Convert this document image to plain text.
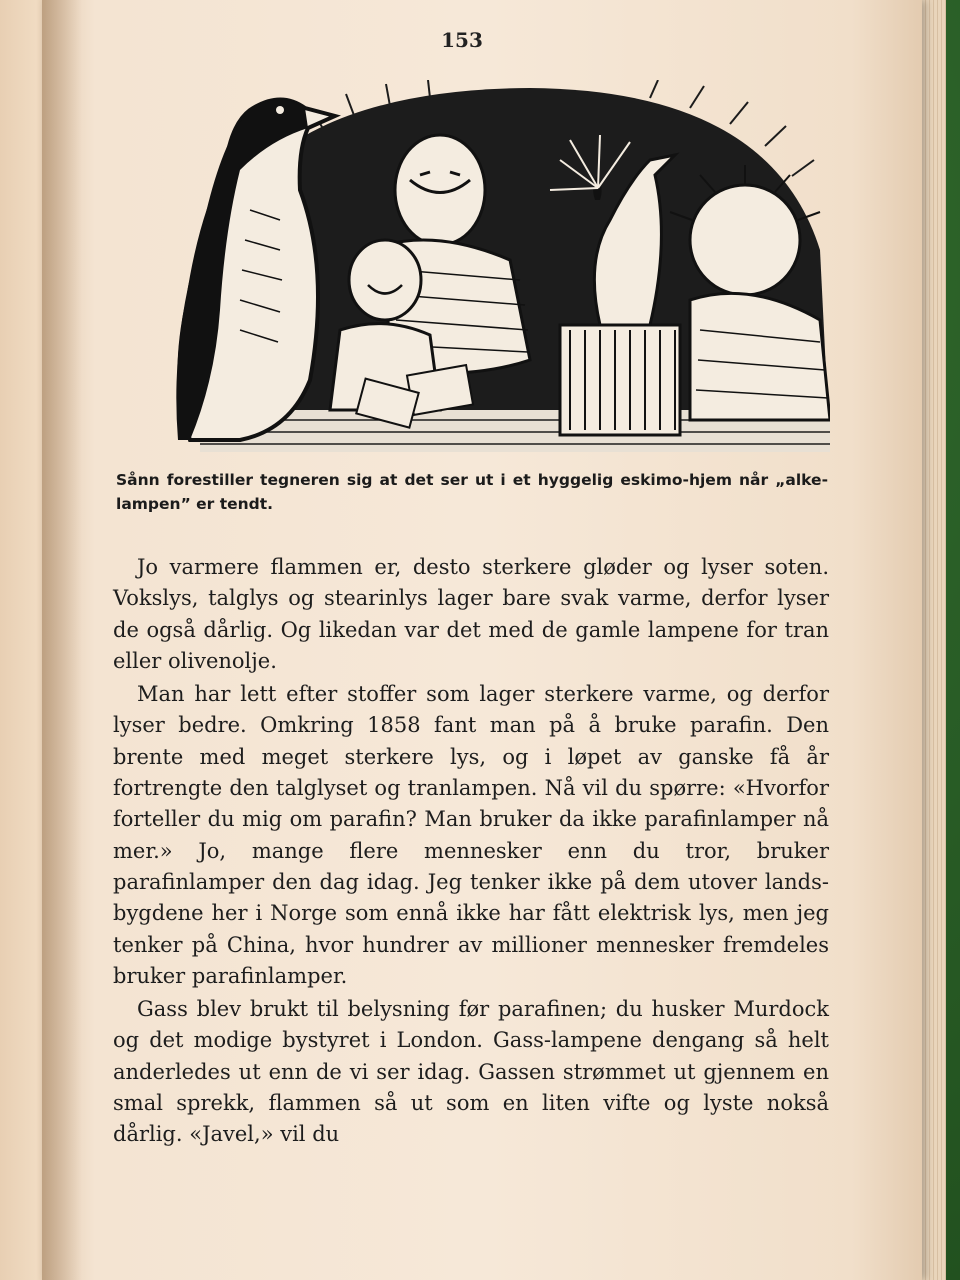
153
Sånn forestiller tegneren sig at det ser ut i et hyggelig eskimo-hjem når „alke-lampen” er tendt.

Jo varmere flammen er, desto sterkere gløder og lyser soten. Vokslys, talglys og stearinlys lager bare svak varme, derfor lyser de også dårlig. Og likedan var det med de gamle lampene for tran eller olivenolje.

Man har lett efter stoffer som lager sterkere varme, og derfor lyser bedre. Omkring 1858 fant man på å bruke parafin. Den brente med meget sterkere lys, og i løpet av ganske få år fortrengte den talglyset og tranlampen. Nå vil du spørre: «Hvorfor forteller du mig om parafin? Man bruker da ikke parafinlamper nå mer.» Jo, mange flere mennesker enn du tror, bruker parafinlamper den dag idag. Jeg tenker ikke på dem utover lands-bygdene her i Norge som ennå ikke har fått elektrisk lys, men jeg tenker på China, hvor hundrer av millioner mennesker fremdeles bruker parafinlamper.

Gass blev brukt til belysning før parafinen; du husker Murdock og det modige bystyret i London. Gass-lampene dengang så helt anderledes ut enn de vi ser idag. Gassen strømmet ut gjennem en smal sprekk, flammen så ut som en liten vifte og lyste nokså dårlig. «Javel,» vil du
